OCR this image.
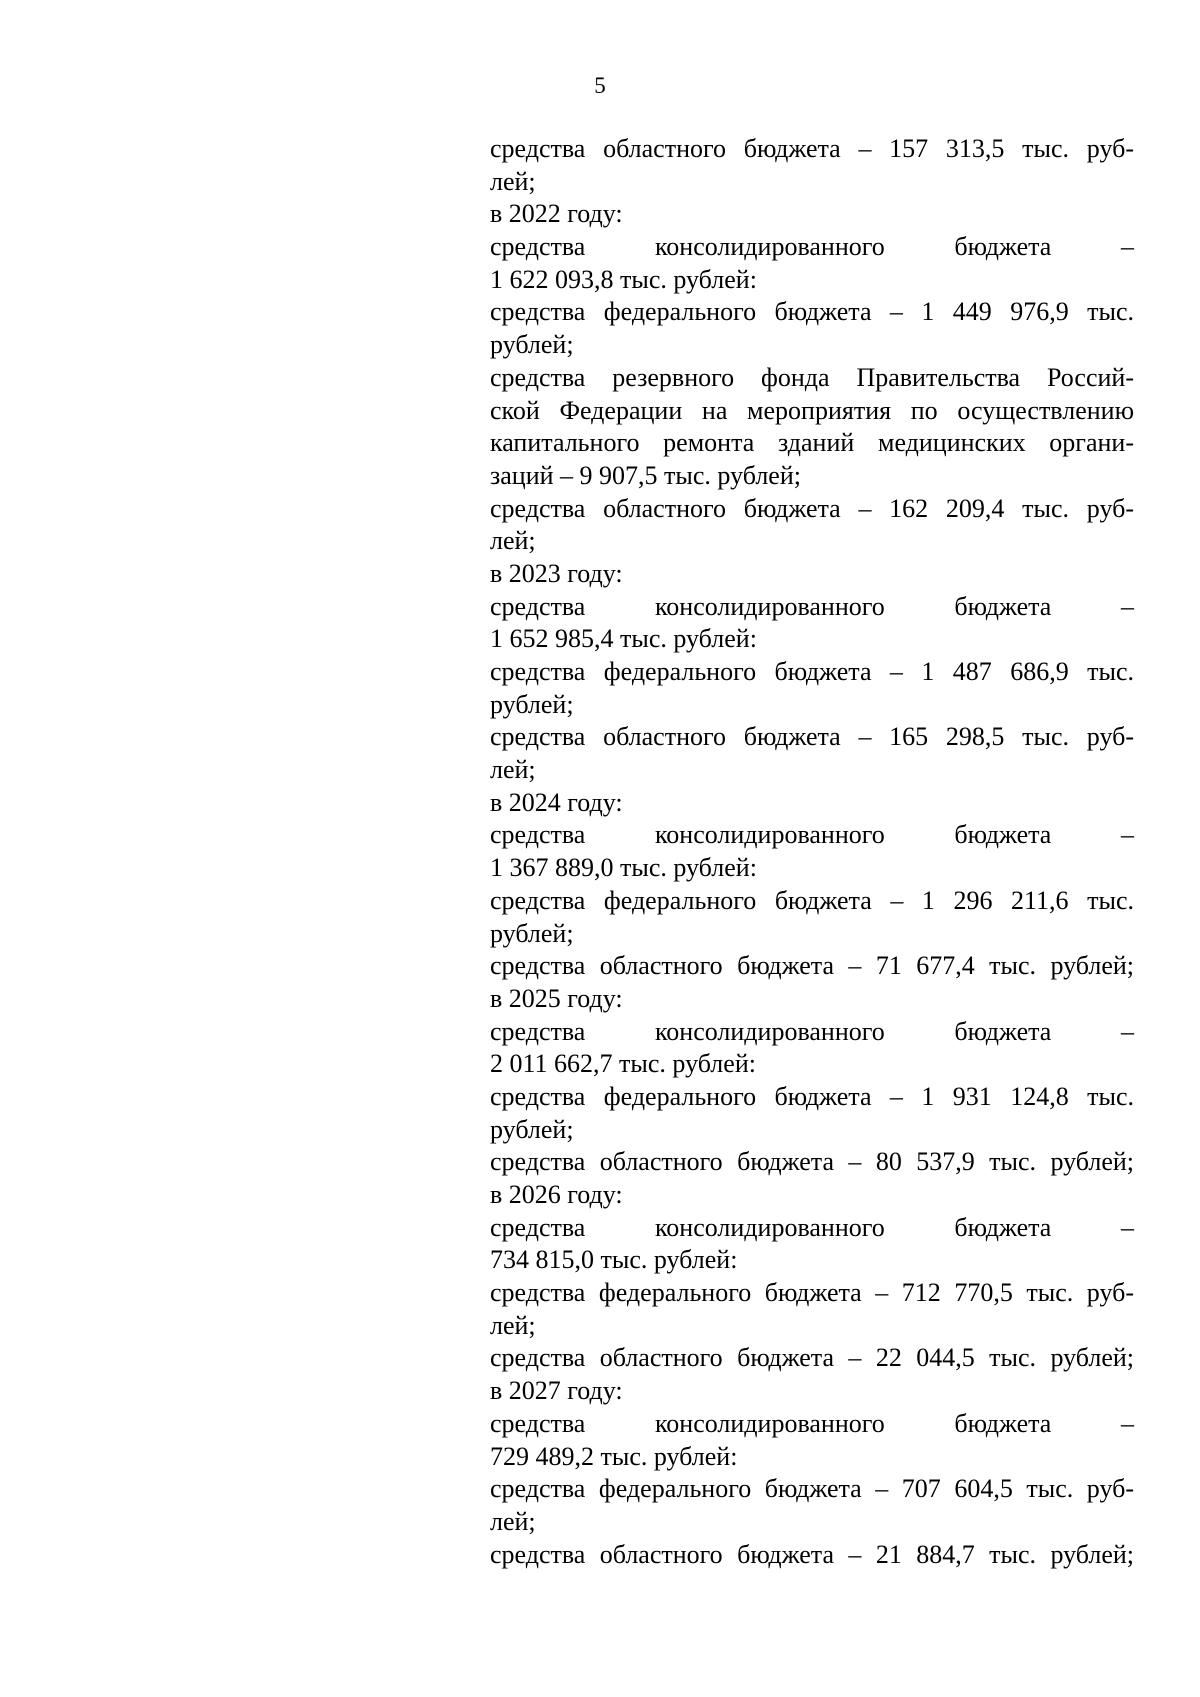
5
средства областного бюджета – 157 313,5 тыс. руб-
лей;
в 2022 году:
средства консолидированного бюджета –
1 622 093,8 тыс. рублей:
средства федерального бюджета – 1 449 976,9 тыс.
рублей;
средства резервного фонда Правительства Россий-
ской Федерации на мероприятия по осуществлению
капитального ремонта зданий медицинских органи-
заций – 9 907,5 тыс. рублей;
средства областного бюджета – 162 209,4 тыс. руб-
лей;
в 2023 году:
средства консолидированного бюджета –
1 652 985,4 тыс. рублей:
средства федерального бюджета – 1 487 686,9 тыс.
рублей;
средства областного бюджета – 165 298,5 тыс. руб-
лей;
в 2024 году:
средства консолидированного бюджета –
1 367 889,0 тыс. рублей:
средства федерального бюджета – 1 296 211,6 тыс.
рублей;
средства областного бюджета – 71 677,4 тыс. рублей;
в 2025 году:
средства консолидированного бюджета –
2 011 662,7 тыс. рублей:
средства федерального бюджета – 1 931 124,8 тыс.
рублей;
средства областного бюджета – 80 537,9 тыс. рублей;
в 2026 году:
средства консолидированного бюджета –
734 815,0 тыс. рублей:
средства федерального бюджета – 712 770,5 тыс. руб-
лей;
средства областного бюджета – 22 044,5 тыс. рублей;
в 2027 году:
средства консолидированного бюджета –
729 489,2 тыс. рублей:
средства федерального бюджета – 707 604,5 тыс. руб-
лей;
средства областного бюджета – 21 884,7 тыс. рублей;
